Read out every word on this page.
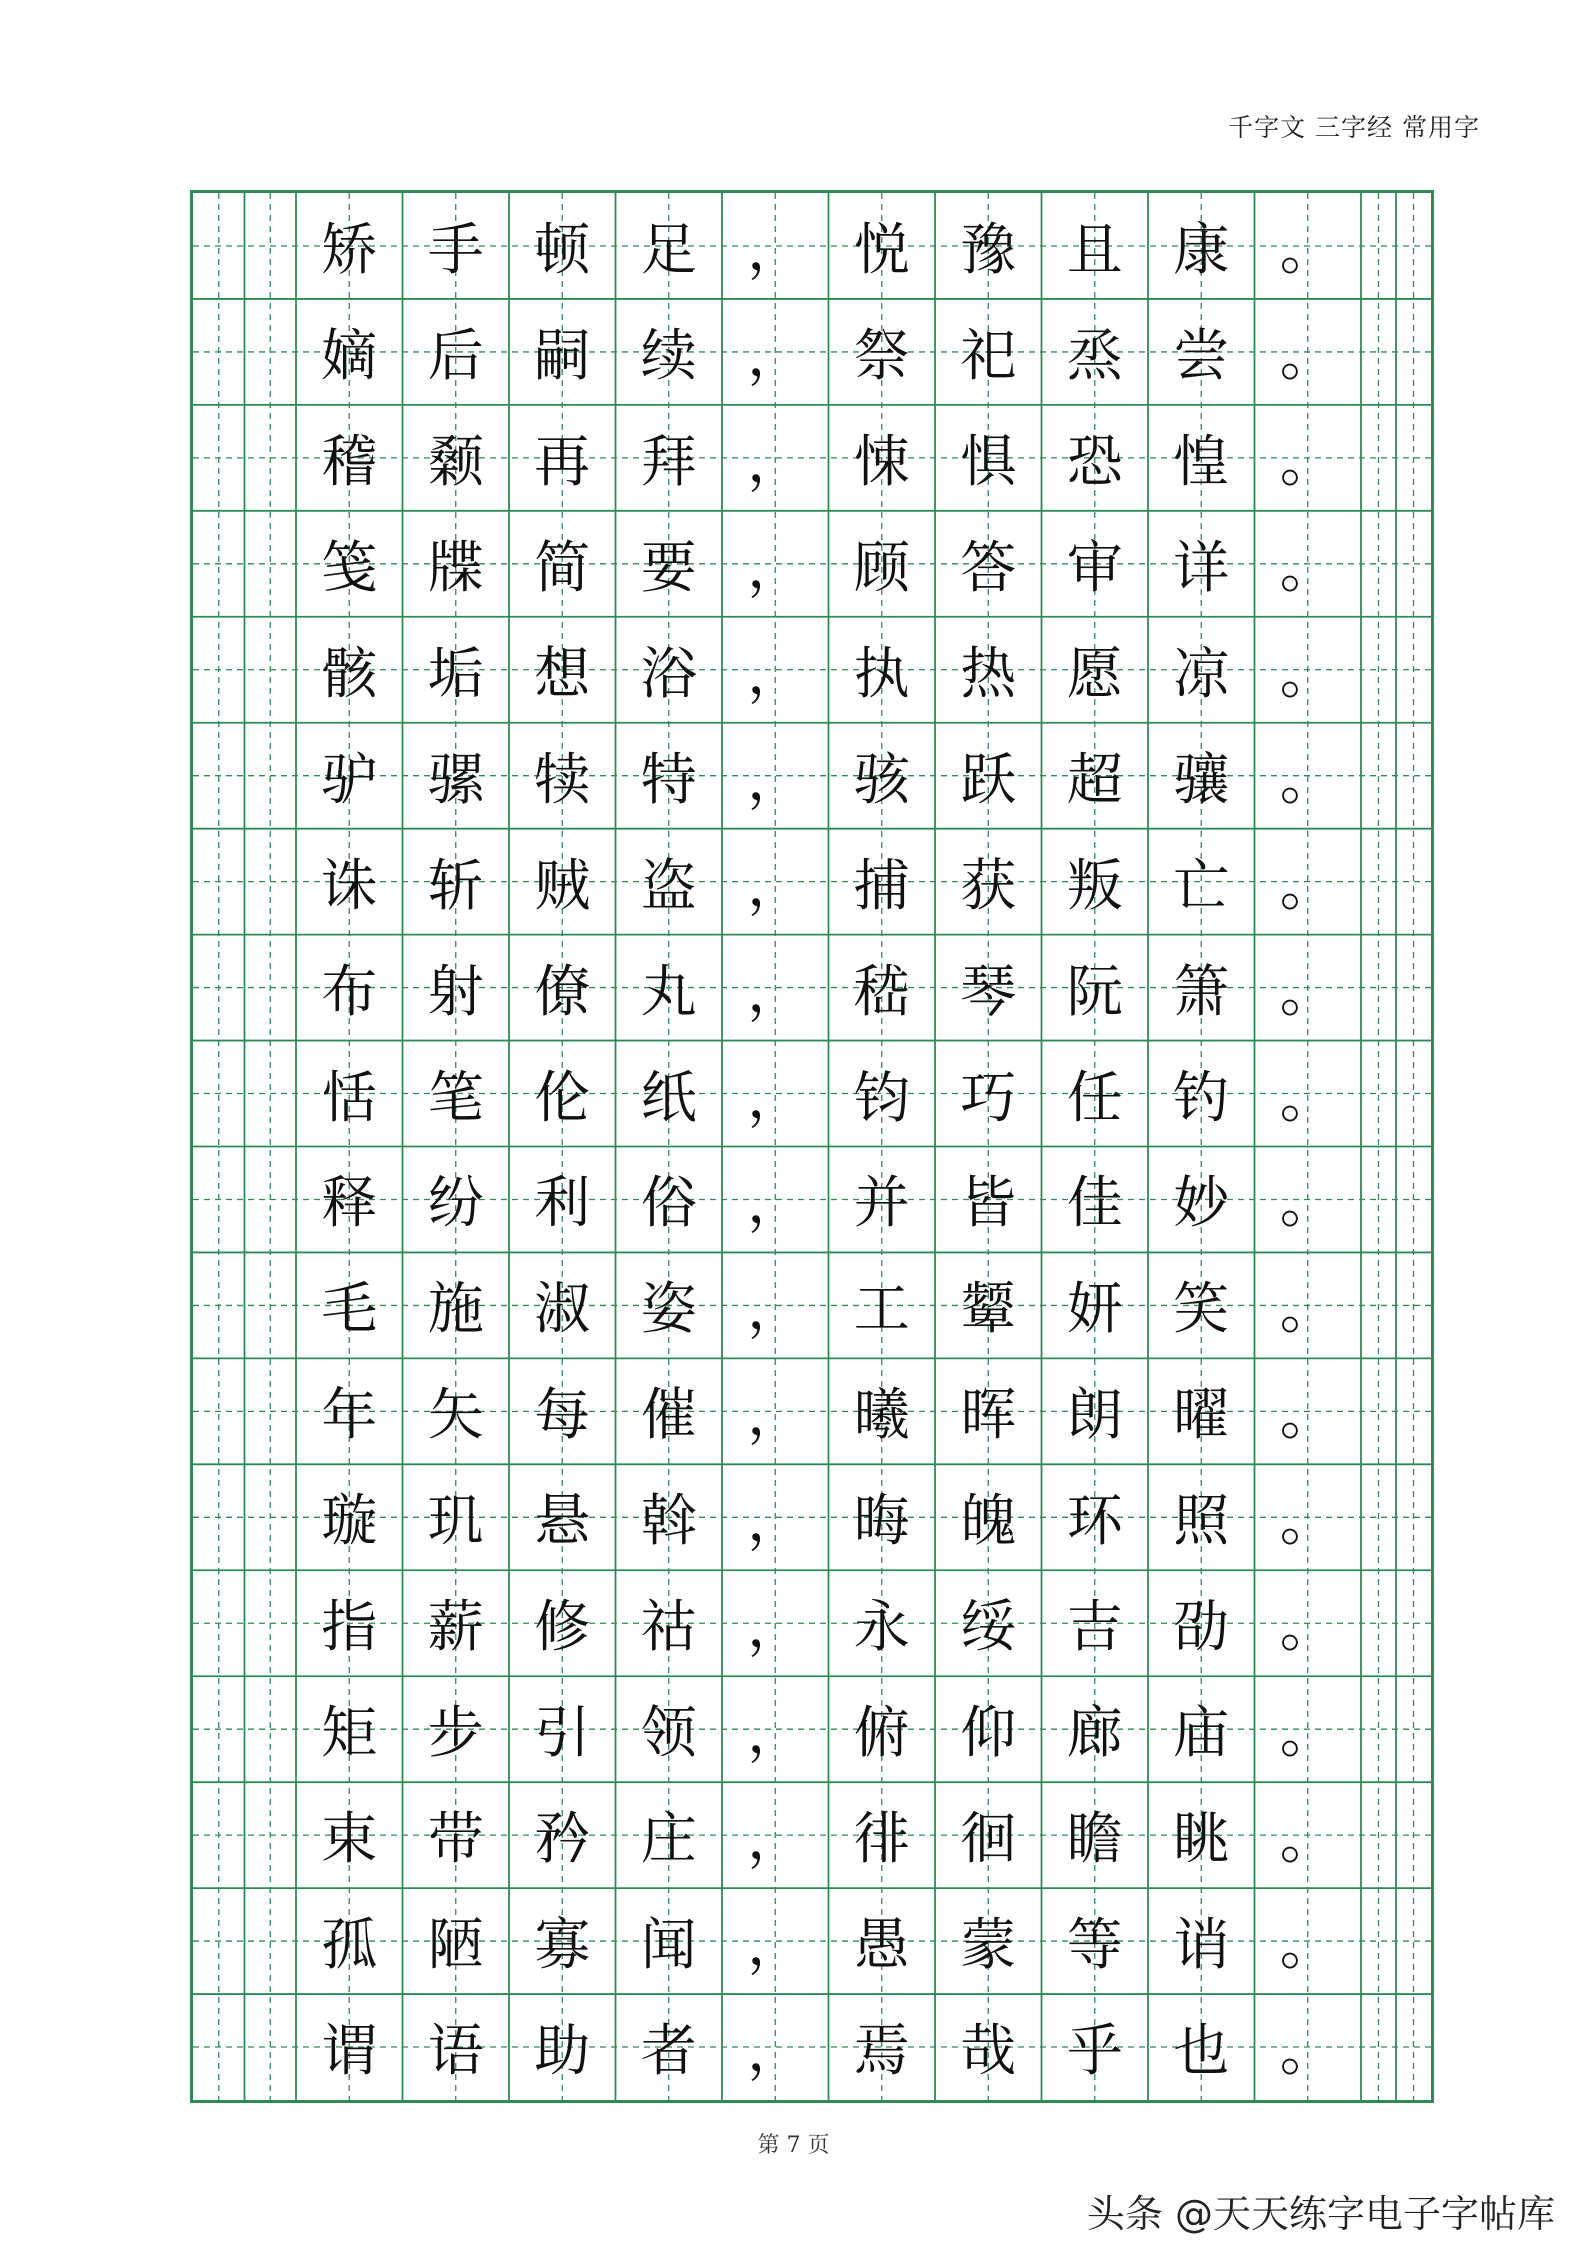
千字文 三字经 常用字
矫 手 顿 足 ， 悦 豫 且 康 。
嫡 后 嗣 续 ， 祭 祀 烝 尝 。
稽 颡 再 拜 ， 悚 惧 恐 惶 。
笺 牒 简 要 ， 顾 答 审 详 。
骸 垢 想 浴 ， 执 热 愿 凉 。
驴 骡 犊 特 ， 骇 跃 超 骧 。
诛 斩 贼 盗 ， 捕 获 叛 亡 。
布 射 僚 丸 ， 嵇 琴 阮 箫 。
恬 笔 伦 纸 ， 钧 巧 任 钓 。
释 纷 利 俗 ， 并 皆 佳 妙 。
毛 施 淑 姿 ， 工 颦 妍 笑 。
年 矢 每 催 ， 曦 晖 朗 曜 。
璇 玑 悬 斡 ， 晦 魄 环 照 。
指 薪 修 祜 ， 永 绥 吉 劭 。
矩 步 引 领 ， 俯 仰 廊 庙 。
束 带 矜 庄 ， 徘 徊 瞻 眺 。
孤 陋 寡 闻 ， 愚 蒙 等 诮 。
谓 语 助 者 ， 焉 哉 乎 也 。
第 7 页
头条 @天天练字电子字帖库
